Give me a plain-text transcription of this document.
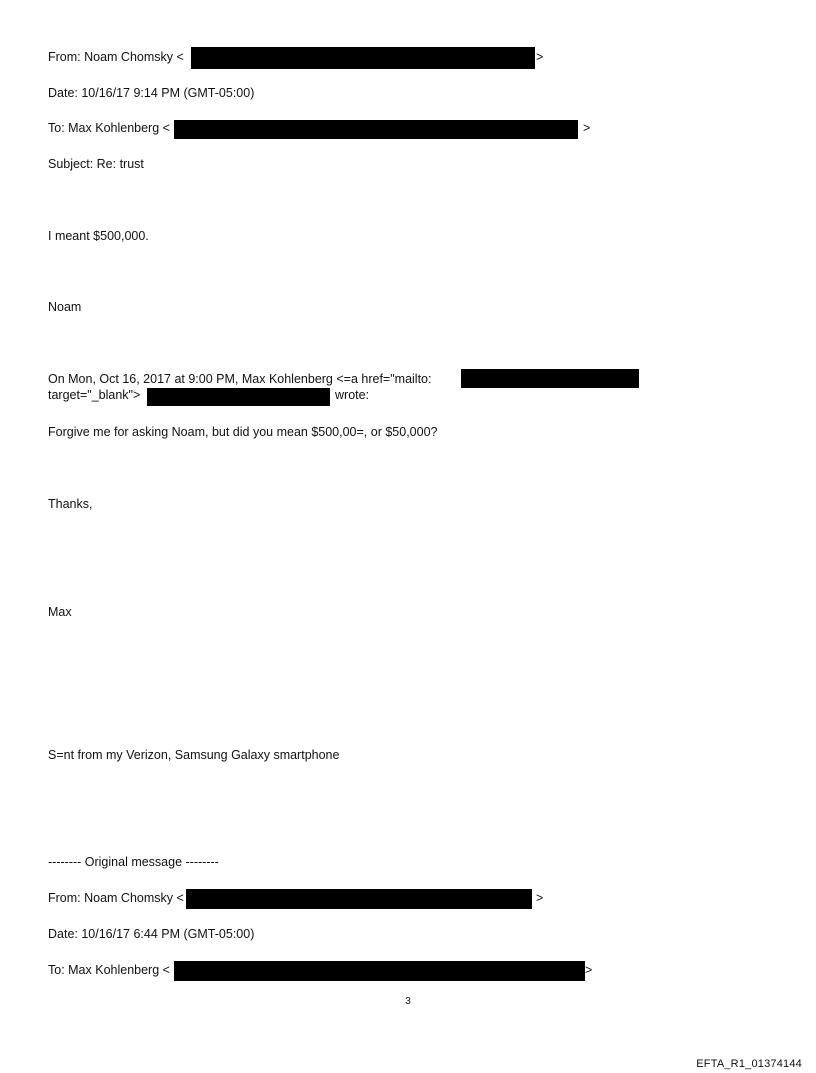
From: Noam Chomsky <	>
Date: 10/16/17 9:14 PM (GMT-05:00)
To: Max Kohlenberg <	>
Subject: Re: trust
I meant $500,000.
Noam
On Mon, Oct 16, 2017 at 9:00 PM, Max Kohlenberg <=a href="mailto:
target="_blank">	wrote:
Forgive me for asking Noam, but did you mean $500,00=, or $50,000?
Thanks,
Max
S=nt from my Verizon, Samsung Galaxy smartphone
-------- Original message --------
From: Noam Chomsky <	>
Date: 10/16/17 6:44 PM (GMT-05:00)
To: Max Kohlenberg <	>
3
EFTA_R1_01374144
